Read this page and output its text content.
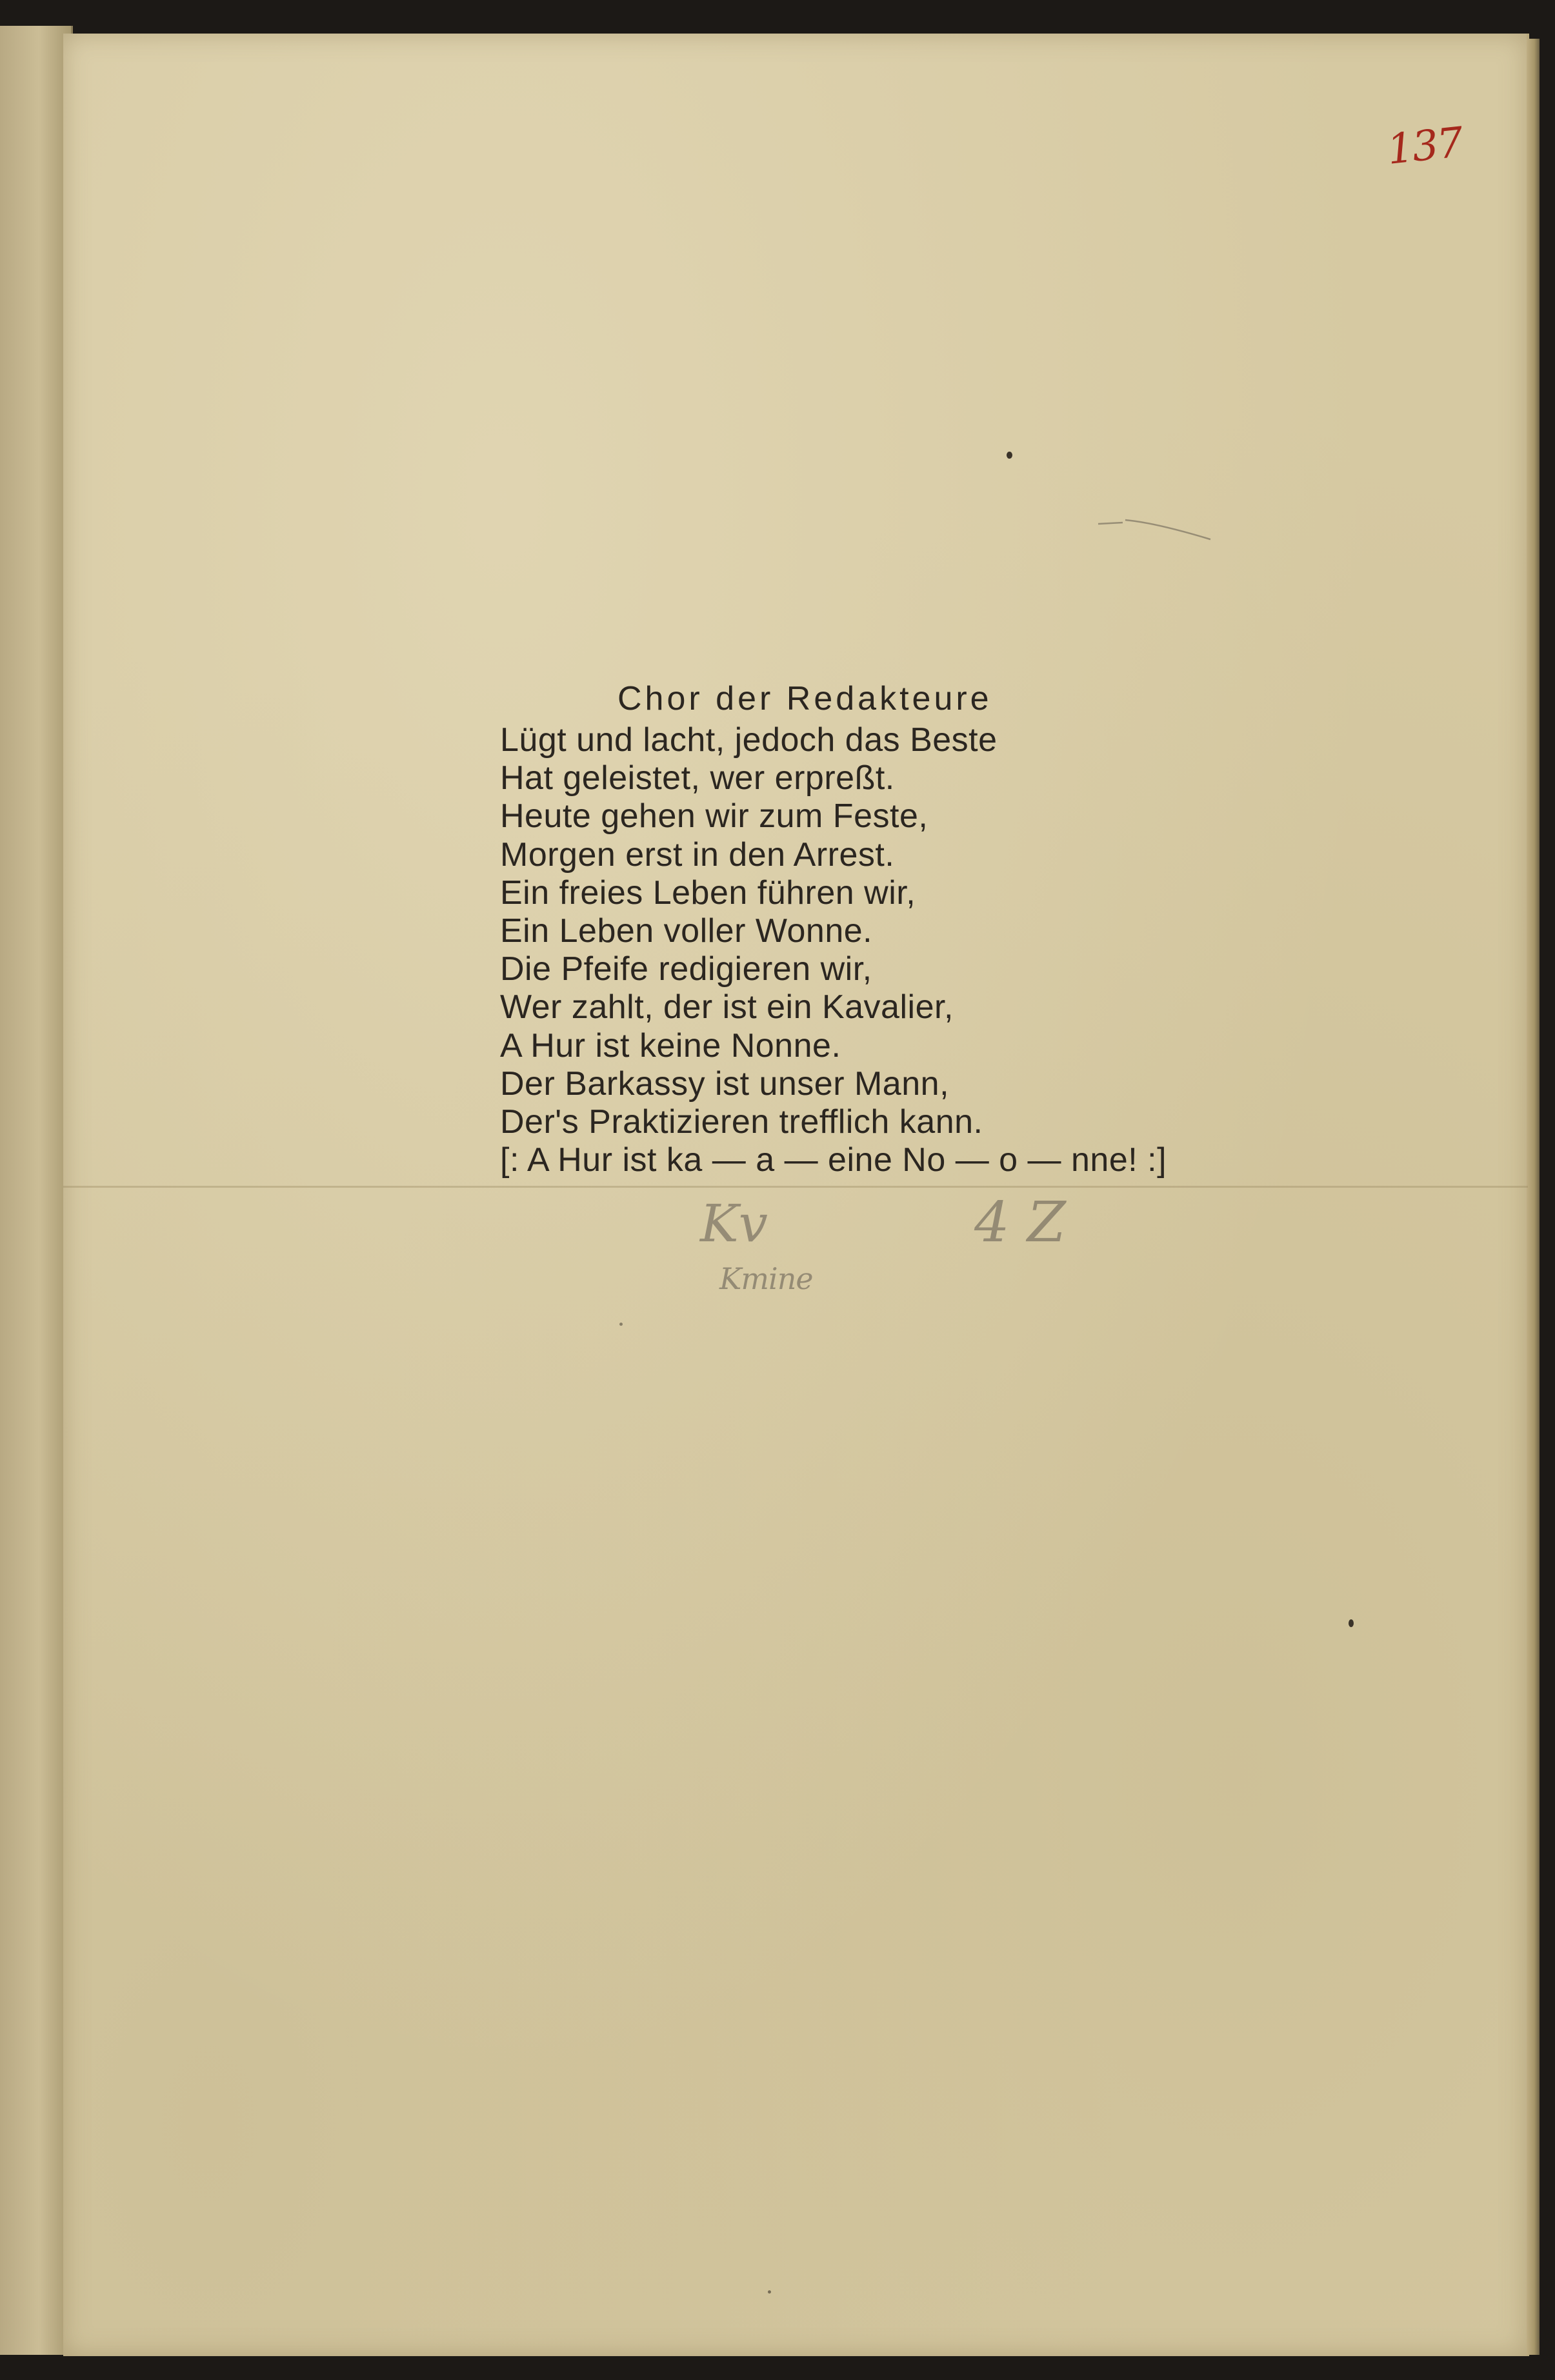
137
Chor der Redakteure
Lügt und lacht, jedoch das Beste
Hat geleistet, wer erpreßt.
Heute gehen wir zum Feste,
Morgen erst in den Arrest.
Ein freies Leben führen wir,
Ein Leben voller Wonne.
Die Pfeife redigieren wir,
Wer zahlt, der ist ein Kavalier,
A Hur ist keine Nonne.
Der Barkassy ist unser Mann,
Der's Praktizieren trefflich kann.
[: A Hur ist ka — a — eine No — o — nne! :]
Kv	4 Z
Kmine
